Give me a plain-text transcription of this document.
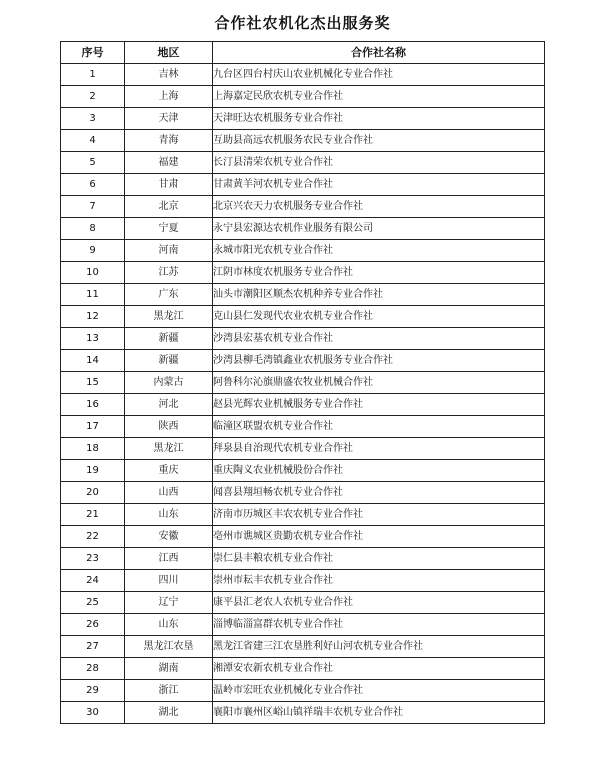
合作社农机化杰出服务奖
序号	地区	合作社名称
1	吉林	九台区四台村庆山农业机械化专业合作社
2	上海	上海嘉定民欣农机专业合作社
3	天津	天津旺达农机服务专业合作社
4	青海	互助县高远农机服务农民专业合作社
5	福建	长汀县清荣农机专业合作社
6	甘肃	甘肃黄羊河农机专业合作社
7	北京	北京兴农天力农机服务专业合作社
8	宁夏	永宁县宏源达农机作业服务有限公司
9	河南	永城市阳光农机专业合作社
10	江苏	江阴市林度农机服务专业合作社
11	广东	汕头市潮阳区顺杰农机种养专业合作社
12	黑龙江	克山县仁发现代农业农机专业合作社
13	新疆	沙湾县宏基农机专业合作社
14	新疆	沙湾县柳毛湾镇鑫业农机服务专业合作社
15	内蒙古	阿鲁科尔沁旗鼎盛农牧业机械合作社
16	河北	赵县光辉农业机械服务专业合作社
17	陕西	临潼区联盟农机专业合作社
18	黑龙江	拜泉县自治现代农机专业合作社
19	重庆	重庆陶义农业机械股份合作社
20	山西	闻喜县翔垣畅农机专业合作社
21	山东	济南市历城区丰农农机专业合作社
22	安徽	亳州市谯城区贵勤农机专业合作社
23	江西	崇仁县丰粮农机专业合作社
24	四川	崇州市耘丰农机专业合作社
25	辽宁	康平县汇老农人农机专业合作社
26	山东	淄博临淄富群农机专业合作社
27	黑龙江农垦	黑龙江省建三江农垦胜利好山河农机专业合作社
28	湖南	湘潭安农新农机专业合作社
29	浙江	温岭市宏旺农业机械化专业合作社
30	湖北	襄阳市襄州区峪山镇祥瑞丰农机专业合作社
